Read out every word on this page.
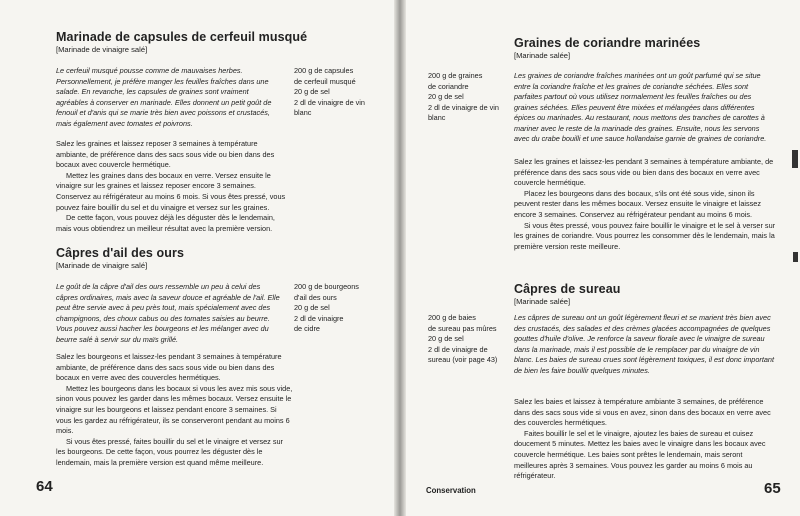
Marinade de capsules de cerfeuil musqué
[Marinade de vinaigre salé]
Le cerfeuil musqué pousse comme de mauvaises herbes. Personnellement, je préfère manger les feuilles fraîches dans une salade. En revanche, les capsules de graines sont vraiment agréables à conserver en marinade. Elles donnent un petit goût de fenouil et d'anis qui se marie très bien avec poissons et crustacés, mais également avec tomates et poivrons.
200 g de capsules
de cerfeuil musqué
20 g de sel
2 dl de vinaigre de vin
blanc

Salez les graines et laissez reposer 3 semaines à température ambiante, de préférence dans des sacs sous vide ou bien dans des bocaux avec couvercle hermétique.

Mettez les graines dans des bocaux en verre. Versez ensuite le vinaigre sur les graines et laissez reposer encore 3 semaines. Conservez au réfrigérateur au moins 6 mois. Si vous êtes pressé, vous pouvez faire bouillir du sel et du vinaigre et versez sur les graines.

De cette façon, vous pouvez déjà les déguster dès le lendemain, mais vous obtiendrez un meilleur résultat avec la première version.

Câpres d'ail des ours
[Marinade de vinaigre salé]
Le goût de la câpre d'ail des ours ressemble un peu à celui des câpres ordinaires, mais avec la saveur douce et agréable de l'ail. Elle peut être servie avec à peu près tout, mais spécialement avec des champignons, des choux cabus ou des tomates saisies au beurre. Vous pouvez aussi hacher les bourgeons et les mélanger avec du beurre salé à servir sur du maïs grillé.
200 g de bourgeons
d'ail des ours
20 g de sel
2 dl de vinaigre
de cidre

Salez les bourgeons et laissez-les pendant 3 semaines à température ambiante, de préférence dans des sacs sous vide ou bien dans des bocaux en verre avec des couvercles hermétiques.

Mettez les bourgeons dans les bocaux si vous les avez mis sous vide, sinon vous pouvez les garder dans les mêmes bocaux. Versez ensuite le vinaigre sur les bourgeons et laissez pendant encore 3 semaines. Si vous les gardez au réfrigérateur, ils se conserveront pendant au moins 6 mois.

Si vous êtes pressé, faites bouillir du sel et le vinaigre et versez sur les bourgeons. De cette façon, vous pourrez les déguster dès le lendemain, mais la première version est quand même meilleure.

64
Graines de coriandre marinées
[Marinade salée]
200 g de graines
de coriandre
20 g de sel
2 dl de vinaigre de vin
blanc
Les graines de coriandre fraîches marinées ont un goût parfumé qui se situe entre la coriandre fraîche et les graines de coriandre séchées. Elles sont parfaites partout où vous utilisez normalement les feuilles fraîches ou des graines séchées. Elles peuvent être mixées et mélangées dans différentes épices ou marinades. Au restaurant, nous mettons des tranches de carottes à mariner avec le reste de la marinade des graines. Ensuite, nous les servons avec du crabe bouilli et une sauce hollandaise garnie de graines de coriandre.

Salez les graines et laissez-les pendant 3 semaines à température ambiante, de préférence dans des sacs sous vide ou bien dans des bocaux en verre avec couvercle hermétique.

Placez les bourgeons dans des bocaux, s'ils ont été sous vide, sinon ils peuvent rester dans les mêmes bocaux. Versez ensuite le vinaigre et laissez encore 3 semaines. Conservez au réfrigérateur pendant au moins 6 mois.

Si vous êtes pressé, vous pouvez faire bouillir le vinaigre et le sel à verser sur les graines de coriandre. Vous pourrez les consommer dès le lendemain, mais la première version reste meilleure.

Câpres de sureau
[Marinade salée]
200 g de baies
de sureau pas mûres
20 g de sel
2 dl de vinaigre de
sureau (voir page 43)
Les câpres de sureau ont un goût légèrement fleuri et se marient très bien avec des crustacés, des salades et des crèmes glacées accompagnées de quelques gouttes d'huile d'olive. Je renforce la saveur florale avec le vinaigre de sureau dans la marinade, mais il est possible de le remplacer par du vinaigre de vin blanc. Les baies de sureau crues sont légèrement toxiques, il est donc important de bien les faire bouillir quelques minutes.

Salez les baies et laissez à température ambiante 3 semaines, de préférence dans des sacs sous vide si vous en avez, sinon dans des bocaux en verre avec des couvercles hermétiques.

Faites bouillir le sel et le vinaigre, ajoutez les baies de sureau et cuisez doucement 5 minutes. Mettez les baies avec le vinaigre dans les bocaux avec couvercle hermétique. Les baies sont prêtes le lendemain, mais seront meilleures après 3 semaines. Vous pouvez les garder au moins 6 mois au réfrigérateur.

Conservation	65
